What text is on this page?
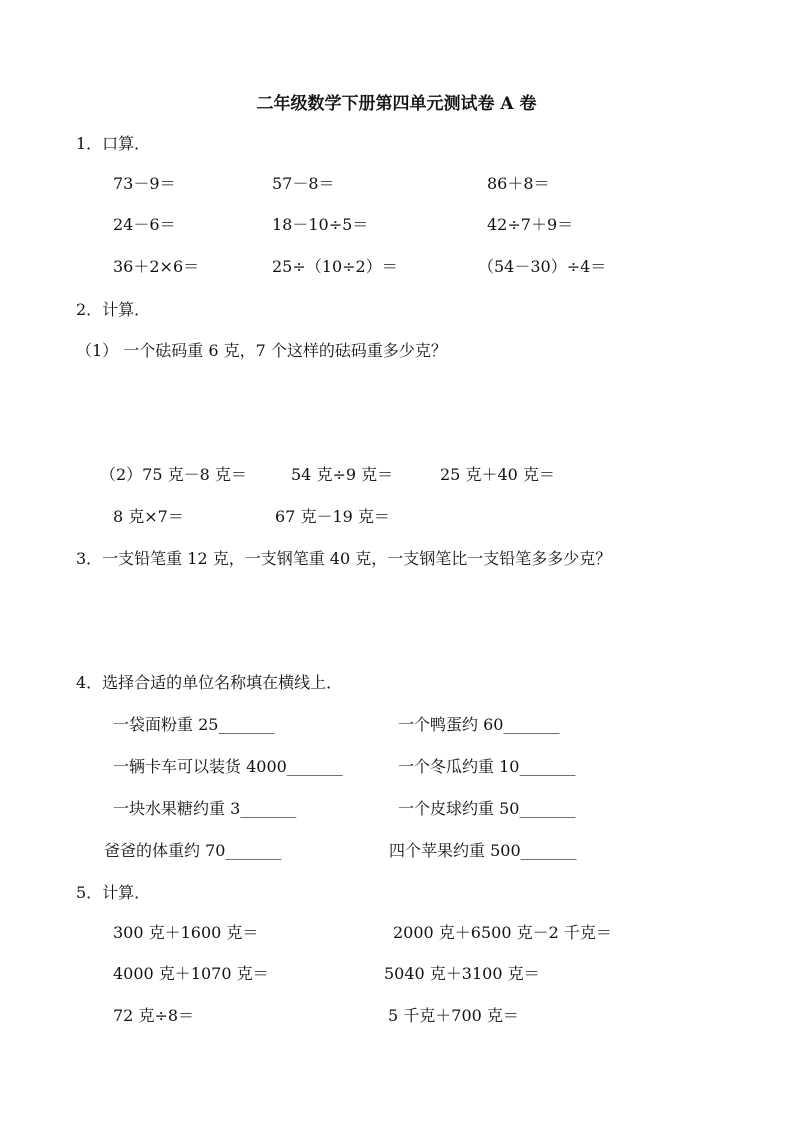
二年级数学下册第四单元测试卷 A 卷
1．口算．
73－9＝	57－8＝	86＋8＝
24－6＝	18－10÷5＝	42÷7＋9＝
36＋2×6＝	25÷（10÷2）＝	（54－30）÷4＝
2．计算．
（1） 一个砝码重 6 克，7 个这样的砝码重多少克？
（2）75 克－8 克＝	54 克÷9 克＝	25 克＋40 克＝
8 克×7＝	67 克－19 克＝
3．一支铅笔重 12 克，一支钢笔重 40 克，一支钢笔比一支铅笔多多少克？
4．选择合适的单位名称填在横线上．
一袋面粉重 25_______	一个鸭蛋约 60_______
一辆卡车可以装货 4000_______	一个冬瓜约重 10_______
一块水果糖约重 3_______	一个皮球约重 50_______
爸爸的体重约 70_______	四个苹果约重 500_______
5．计算．
300 克＋1600 克＝	2000 克＋6500 克－2 千克＝
4000 克＋1070 克＝	5040 克＋3100 克＝
72 克÷8＝	5 千克＋700 克＝
